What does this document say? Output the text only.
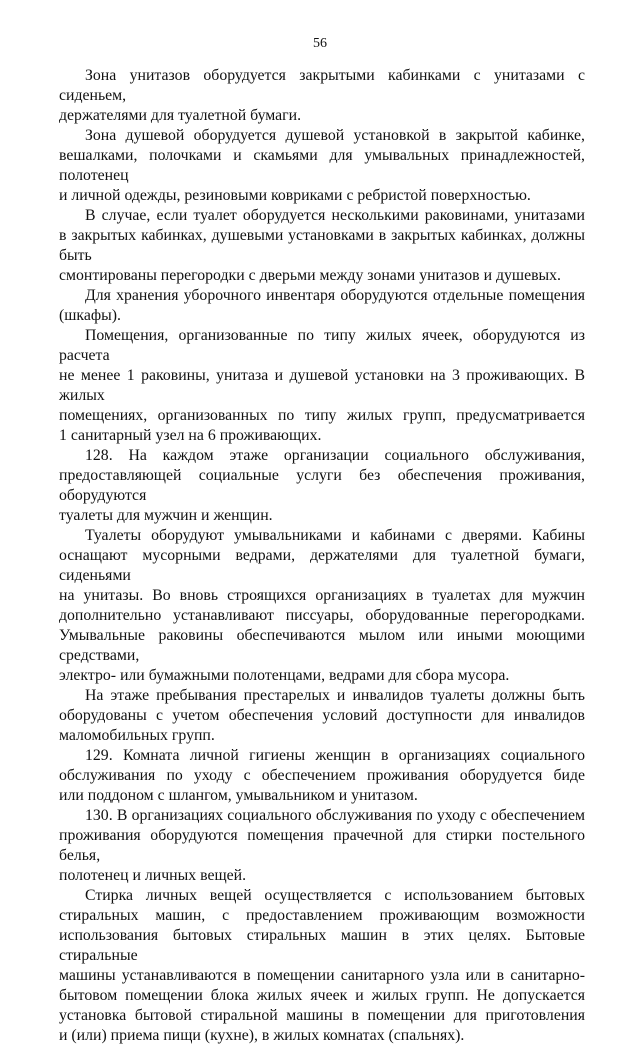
56
Зона унитазов оборудуется закрытыми кабинками с унитазами с сиденьем,
держателями для туалетной бумаги.
Зона душевой оборудуется душевой установкой в закрытой кабинке,
вешалками, полочками и скамьями для умывальных принадлежностей, полотенец
и личной одежды, резиновыми ковриками с ребристой поверхностью.
В случае, если туалет оборудуется несколькими раковинами, унитазами
в закрытых кабинках, душевыми установками в закрытых кабинках, должны быть
смонтированы перегородки с дверьми между зонами унитазов и душевых.
Для хранения уборочного инвентаря оборудуются отдельные помещения
(шкафы).
Помещения, организованные по типу жилых ячеек, оборудуются из расчета
не менее 1 раковины, унитаза и душевой установки на 3 проживающих. В жилых
помещениях, организованных по типу жилых групп, предусматривается
1 санитарный узел на 6 проживающих.
128. На каждом этаже организации социального обслуживания,
предоставляющей социальные услуги без обеспечения проживания, оборудуются
туалеты для мужчин и женщин.
Туалеты оборудуют умывальниками и кабинами с дверями. Кабины
оснащают мусорными ведрами, держателями для туалетной бумаги, сиденьями
на унитазы. Во вновь строящихся организациях в туалетах для мужчин
дополнительно устанавливают писсуары, оборудованные перегородками.
Умывальные раковины обеспечиваются мылом или иными моющими средствами,
электро- или бумажными полотенцами, ведрами для сбора мусора.
На этаже пребывания престарелых и инвалидов туалеты должны быть
оборудованы с учетом обеспечения условий доступности для инвалидов
маломобильных групп.
129. Комната личной гигиены женщин в организациях социального
обслуживания по уходу с обеспечением проживания оборудуется биде
или поддоном с шлангом, умывальником и унитазом.
130. В организациях социального обслуживания по уходу с обеспечением
проживания оборудуются помещения прачечной для стирки постельного белья,
полотенец и личных вещей.
Стирка личных вещей осуществляется с использованием бытовых
стиральных машин, с предоставлением проживающим возможности
использования бытовых стиральных машин в этих целях. Бытовые стиральные
машины устанавливаются в помещении санитарного узла или в санитарно-
бытовом помещении блока жилых ячеек и жилых групп. Не допускается
установка бытовой стиральной машины в помещении для приготовления
и (или) приема пищи (кухне), в жилых комнатах (спальнях).
